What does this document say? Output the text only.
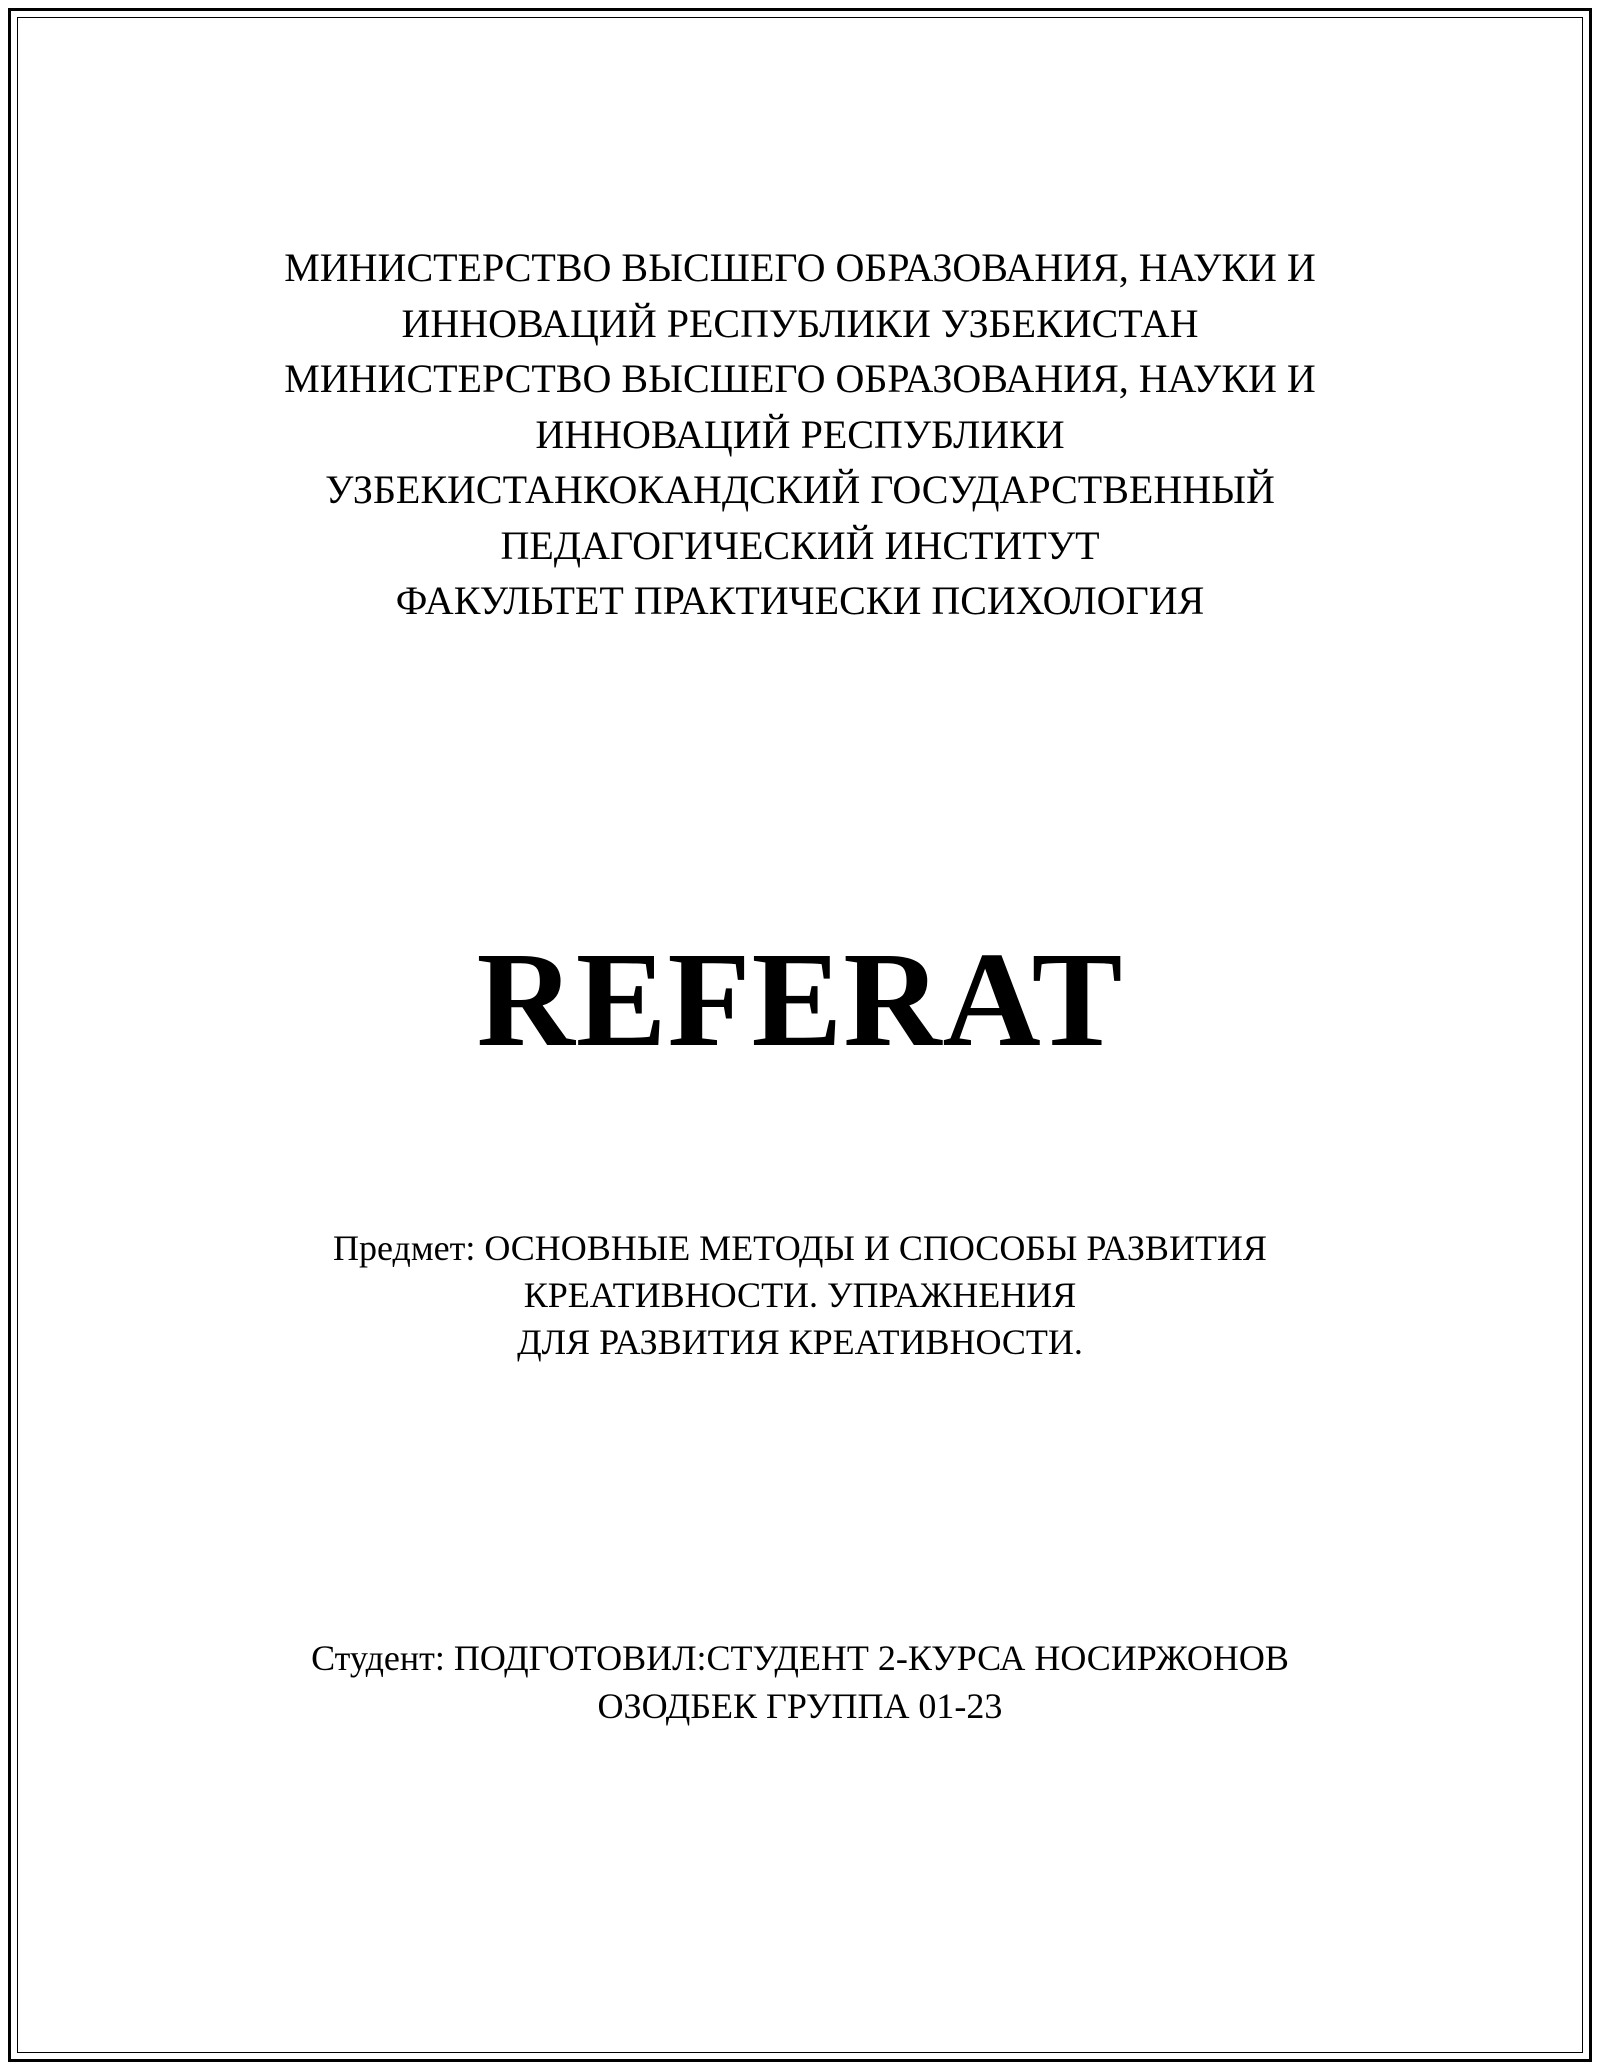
МИНИСТЕРСТВО ВЫСШЕГО ОБРАЗОВАНИЯ, НАУКИ И
ИННОВАЦИЙ РЕСПУБЛИКИ УЗБЕКИСТАН
МИНИСТЕРСТВО ВЫСШЕГО ОБРАЗОВАНИЯ, НАУКИ И
ИННОВАЦИЙ РЕСПУБЛИКИ
УЗБЕКИСТАНКОКАНДСКИЙ ГОСУДАРСТВЕННЫЙ
ПЕДАГОГИЧЕСКИЙ ИНСТИТУТ
ФАКУЛЬТЕТ ПРАКТИЧЕСКИ ПСИХОЛОГИЯ
REFERAT
Предмет: ОСНОВНЫЕ МЕТОДЫ И СПОСОБЫ РАЗВИТИЯ
КРЕАТИВНОСТИ. УПРАЖНЕНИЯ
ДЛЯ РАЗВИТИЯ КРЕАТИВНОСТИ.
Студент: ПОДГОТОВИЛ:СТУДЕНТ 2-КУРСА НОСИРЖОНОВ
ОЗОДБЕК ГРУППА 01-23
